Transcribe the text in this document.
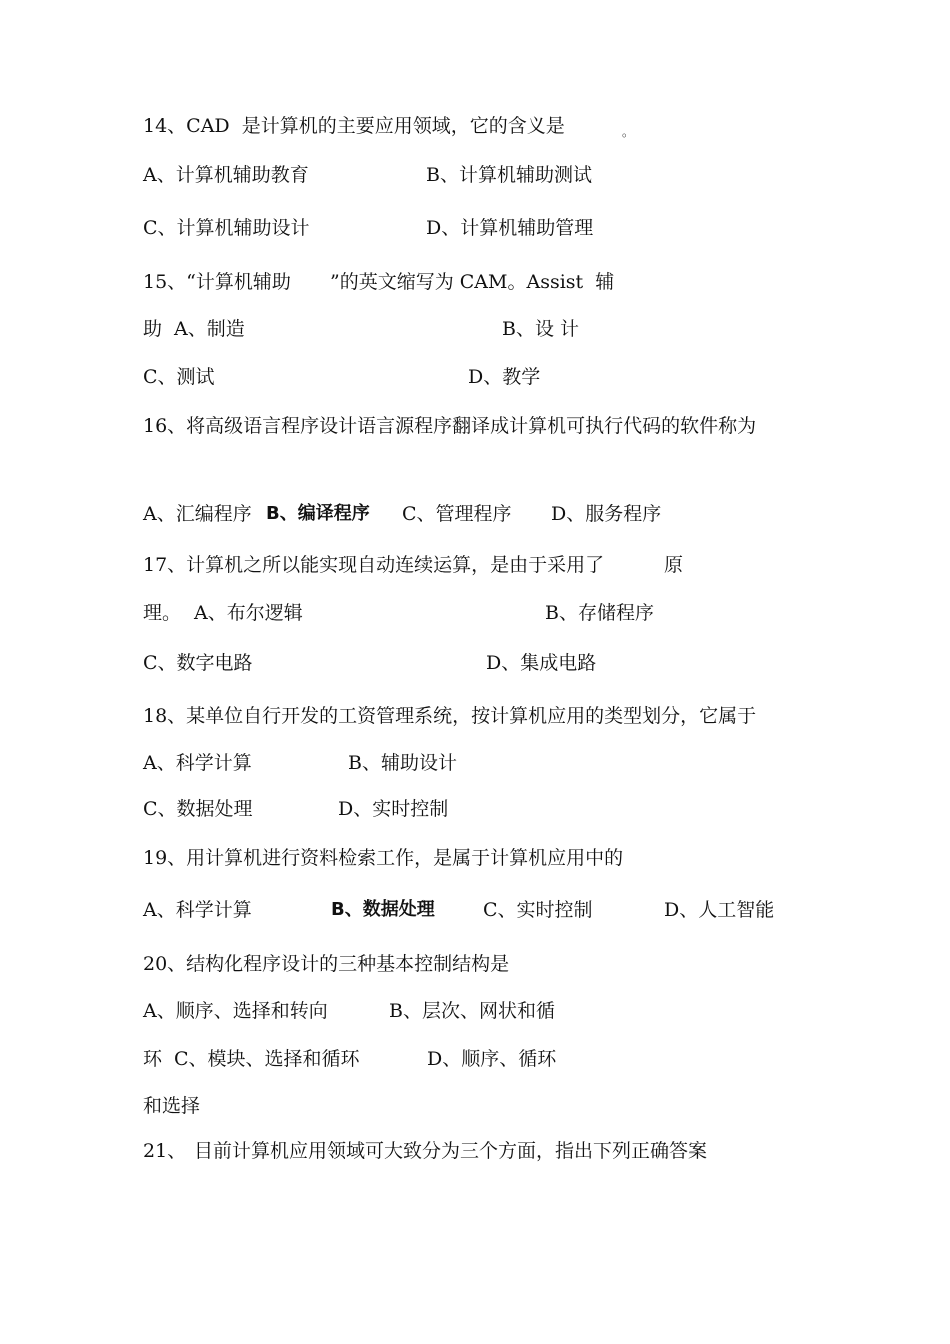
14、CAD  是计算机的主要应用领域，它的含义是	。
A、计算机辅助教育	B、计算机辅助测试
C、计算机辅助设计	D、计算机辅助管理
15、“计算机辅助 ”的英文缩写为 CAM。Assist  辅
助 A、制造	B、设 计
C、测试	D、教学
16、将高级语言程序设计语言源程序翻译成计算机可执行代码的软件称为
A、汇编程序 B、编译程序 C、管理程序 D、服务程序
17、计算机之所以能实现自动连续运算，是由于采用了	原
理。 A、布尔逻辑	B、存储程序
C、数字电路	D、集成电路
18、某单位自行开发的工资管理系统，按计算机应用的类型划分，它属于
A、科学计算	B、辅助设计
C、数据处理	D、实时控制
19、用计算机进行资料检索工作，是属于计算机应用中的
A、科学计算	B、数据处理	C、实时控制	D、人工智能
20、结构化程序设计的三种基本控制结构是
A、顺序、选择和转向	B、层次、网状和循
环 C、模块、选择和循环	D、顺序、循环
和选择
21、 目前计算机应用领域可大致分为三个方面，指出下列正确答案
